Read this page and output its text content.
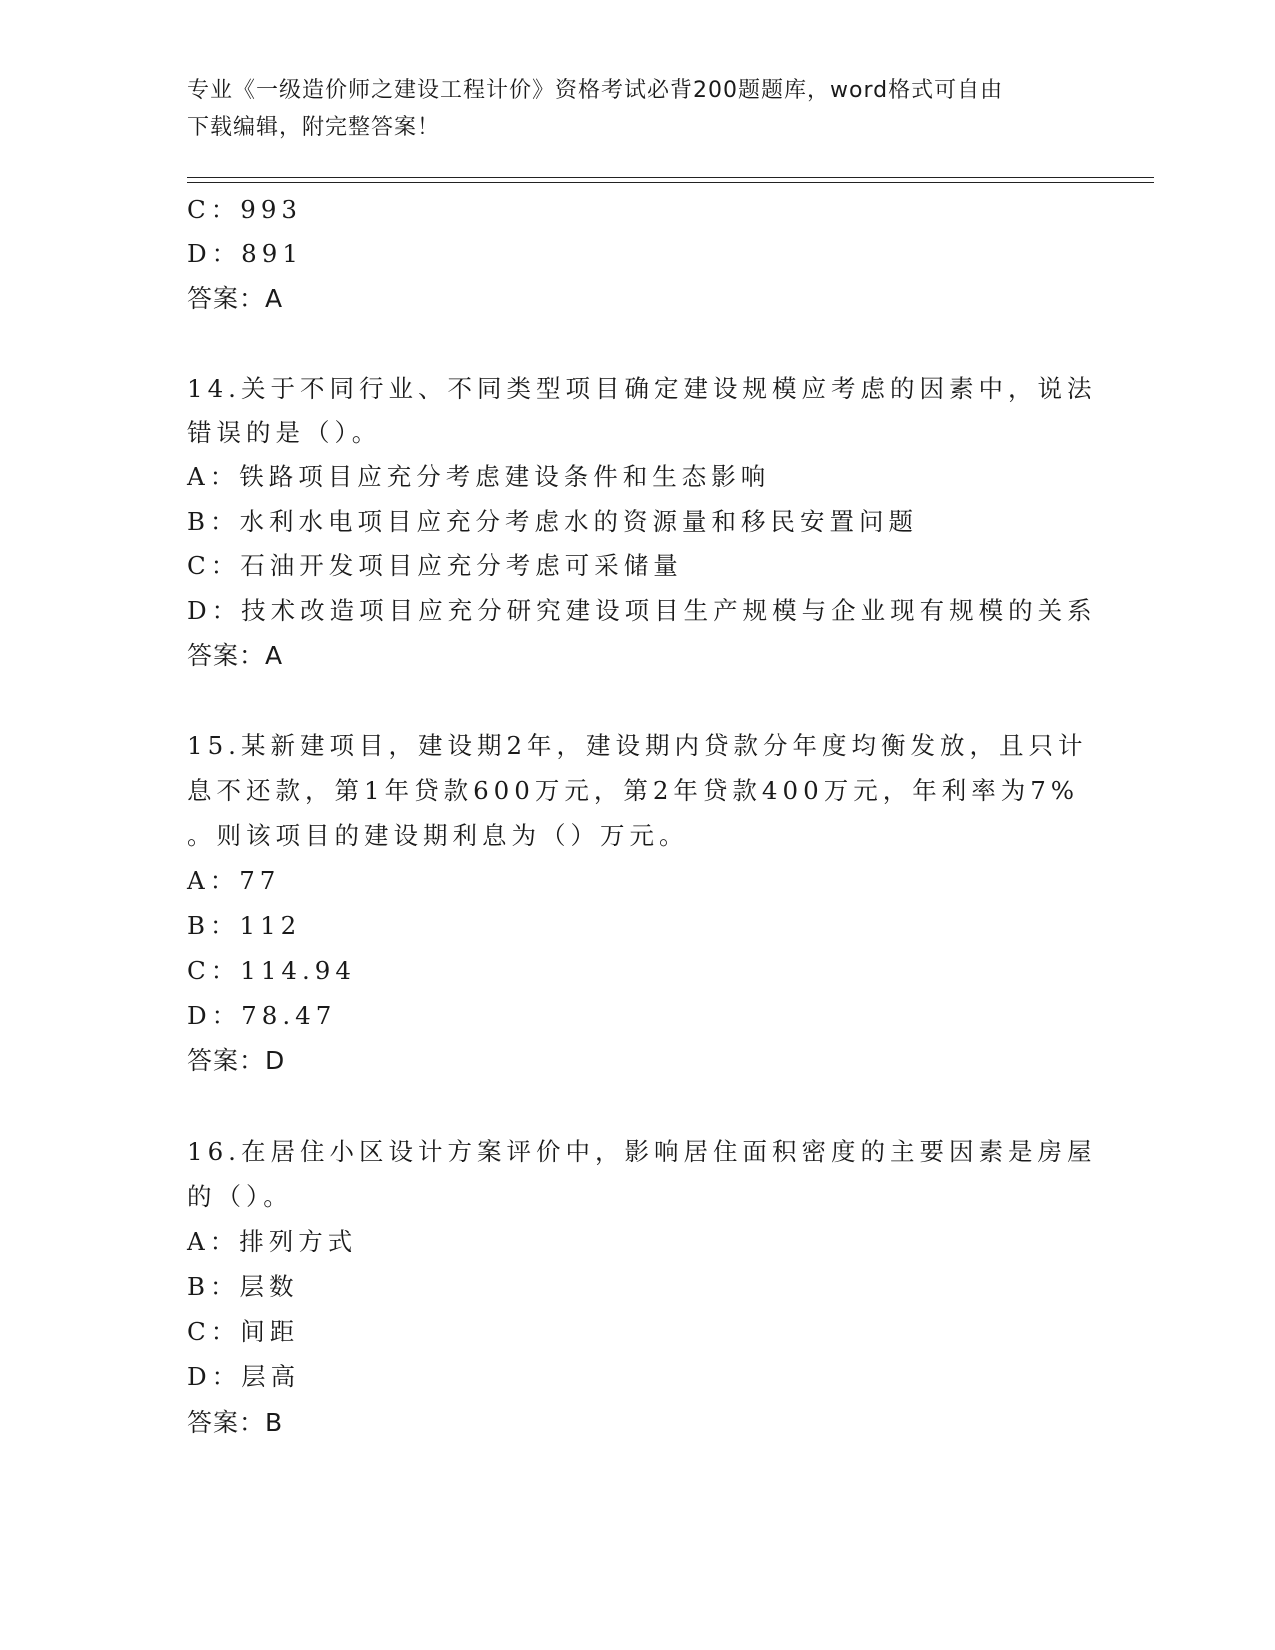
专业《一级造价师之建设工程计价》资格考试必背200题题库，word格式可自由
下载编辑，附完整答案！
C：993
D：891
答案：A
14.关于不同行业、不同类型项目确定建设规模应考虑的因素中，说法
错误的是（）。
A：铁路项目应充分考虑建设条件和生态影响
B：水利水电项目应充分考虑水的资源量和移民安置问题
C：石油开发项目应充分考虑可采储量
D：技术改造项目应充分研究建设项目生产规模与企业现有规模的关系
答案：A
15.某新建项目，建设期2年，建设期内贷款分年度均衡发放，且只计
息不还款，第1年贷款600万元，第2年贷款400万元，年利率为7%
。则该项目的建设期利息为（）万元。
A：77
B：112
C：114.94
D：78.47
答案：D
16.在居住小区设计方案评价中，影响居住面积密度的主要因素是房屋
的（）。
A：排列方式
B：层数
C：间距
D：层高
答案：B
